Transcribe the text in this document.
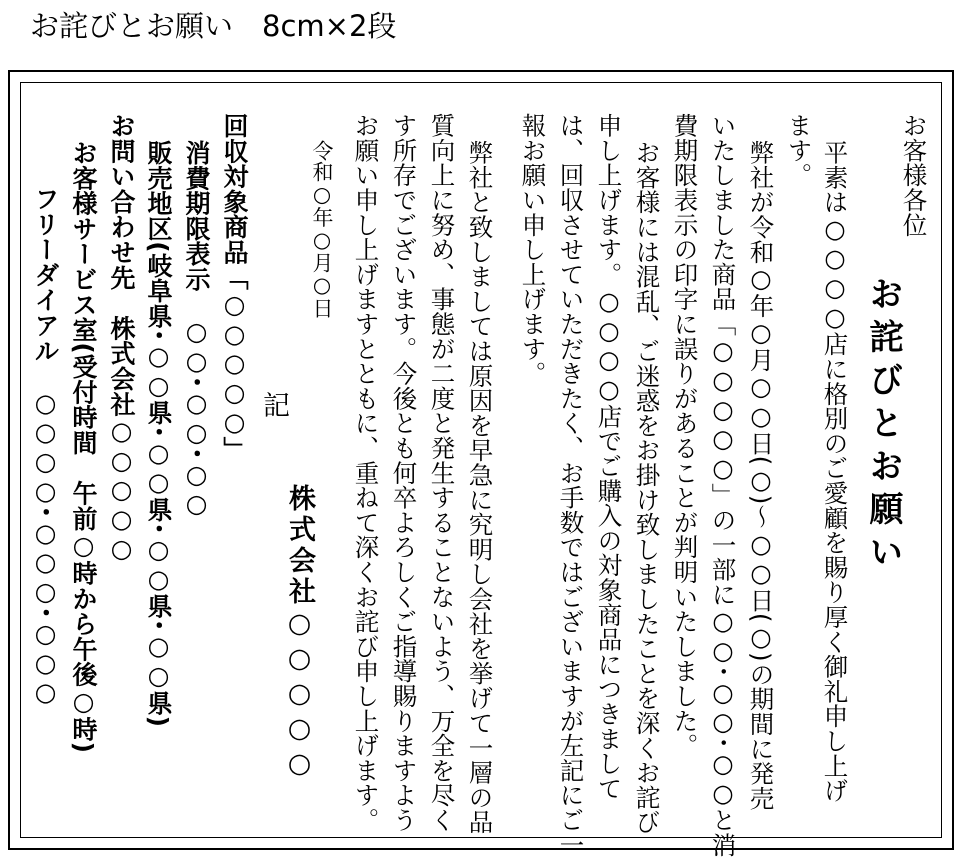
お詫びとお願い　8cm×2段
お客様各位
お詫びとお願い
平素は○○○○店に格別のご愛顧を賜り厚く御礼申し上げ
ます。
弊社が令和○年○月○○日(○)～○○日(○)の期間に発売
いたしました商品「○○○○○」の一部に○○･○○･○○と消
費期限表示の印字に誤りがあることが判明いたしました。
お客様には混乱、ご迷惑をお掛け致しましたことを深くお詫び
申し上げます。○○○○店でご購入の対象商品につきまして
は、回収させていただきたく、お手数ではございますが左記にご一
報お願い申し上げます。
弊社と致しましては原因を早急に究明し会社を挙げて一層の品
質向上に努め、事態が二度と発生することないよう、万全を尽く
す所存でございます。今後とも何卒よろしくご指導賜りますよう
お願い申し上げますとともに、重ねて深くお詫び申し上げます。
令和○年○月○日
株式会社○○○○○
記
回収対象商品「○○○○○」
消費期限表示　○○･○○･○○
販売地区(岐阜県･○○県･○○県･○○県･○○県)
お問い合わせ先　株式会社○○○○○
お客様サービス室(受付時間　午前○時から午後○時)
フリーダイアル　○○○○･○○○･○○○
